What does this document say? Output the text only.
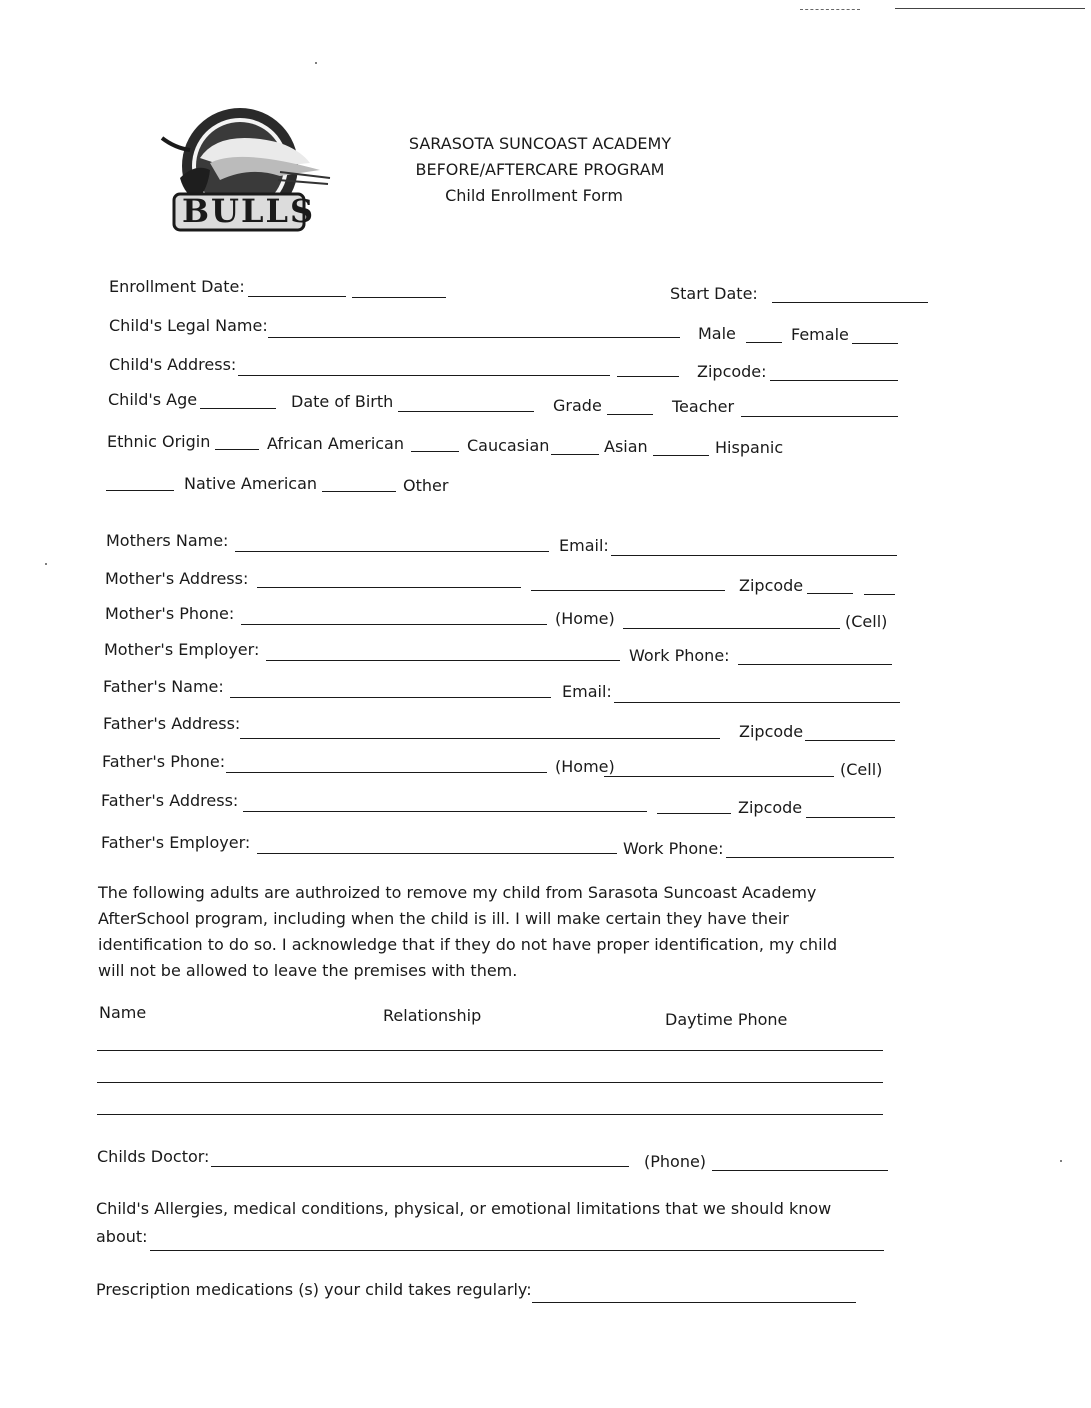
BULLS
SARASOTA SUNCOAST ACADEMY
BEFORE/AFTERCARE PROGRAM
Child Enrollment Form
Enrollment Date:	Start Date:
Child's Legal Name:	Male	Female
Child's Address:	Zipcode:
Child's Age	Date of Birth	Grade	Teacher
Ethnic Origin	African American	Caucasian	Asian	Hispanic
Native American	Other
Mothers Name:	Email:
Mother's Address:	Zipcode
Mother's Phone:	(Home)	(Cell)
Mother's Employer:	Work Phone:
Father's Name:	Email:
Father's Address:	Zipcode
Father's Phone:	(Home)	(Cell)
Father's Address:	Zipcode
Father's Employer:	Work Phone:
The following adults are authroized to remove my child from Sarasota Suncoast Academy
AfterSchool program, including when the child is ill. I will make certain they have their
identification to do so. I acknowledge that if they do not have proper identification, my child
will not be allowed to leave the premises with them.
Name	Relationship	Daytime Phone
Childs Doctor:	(Phone)
Child's Allergies, medical conditions, physical, or emotional limitations that we should know
about:
Prescription medications (s) your child takes regularly:
